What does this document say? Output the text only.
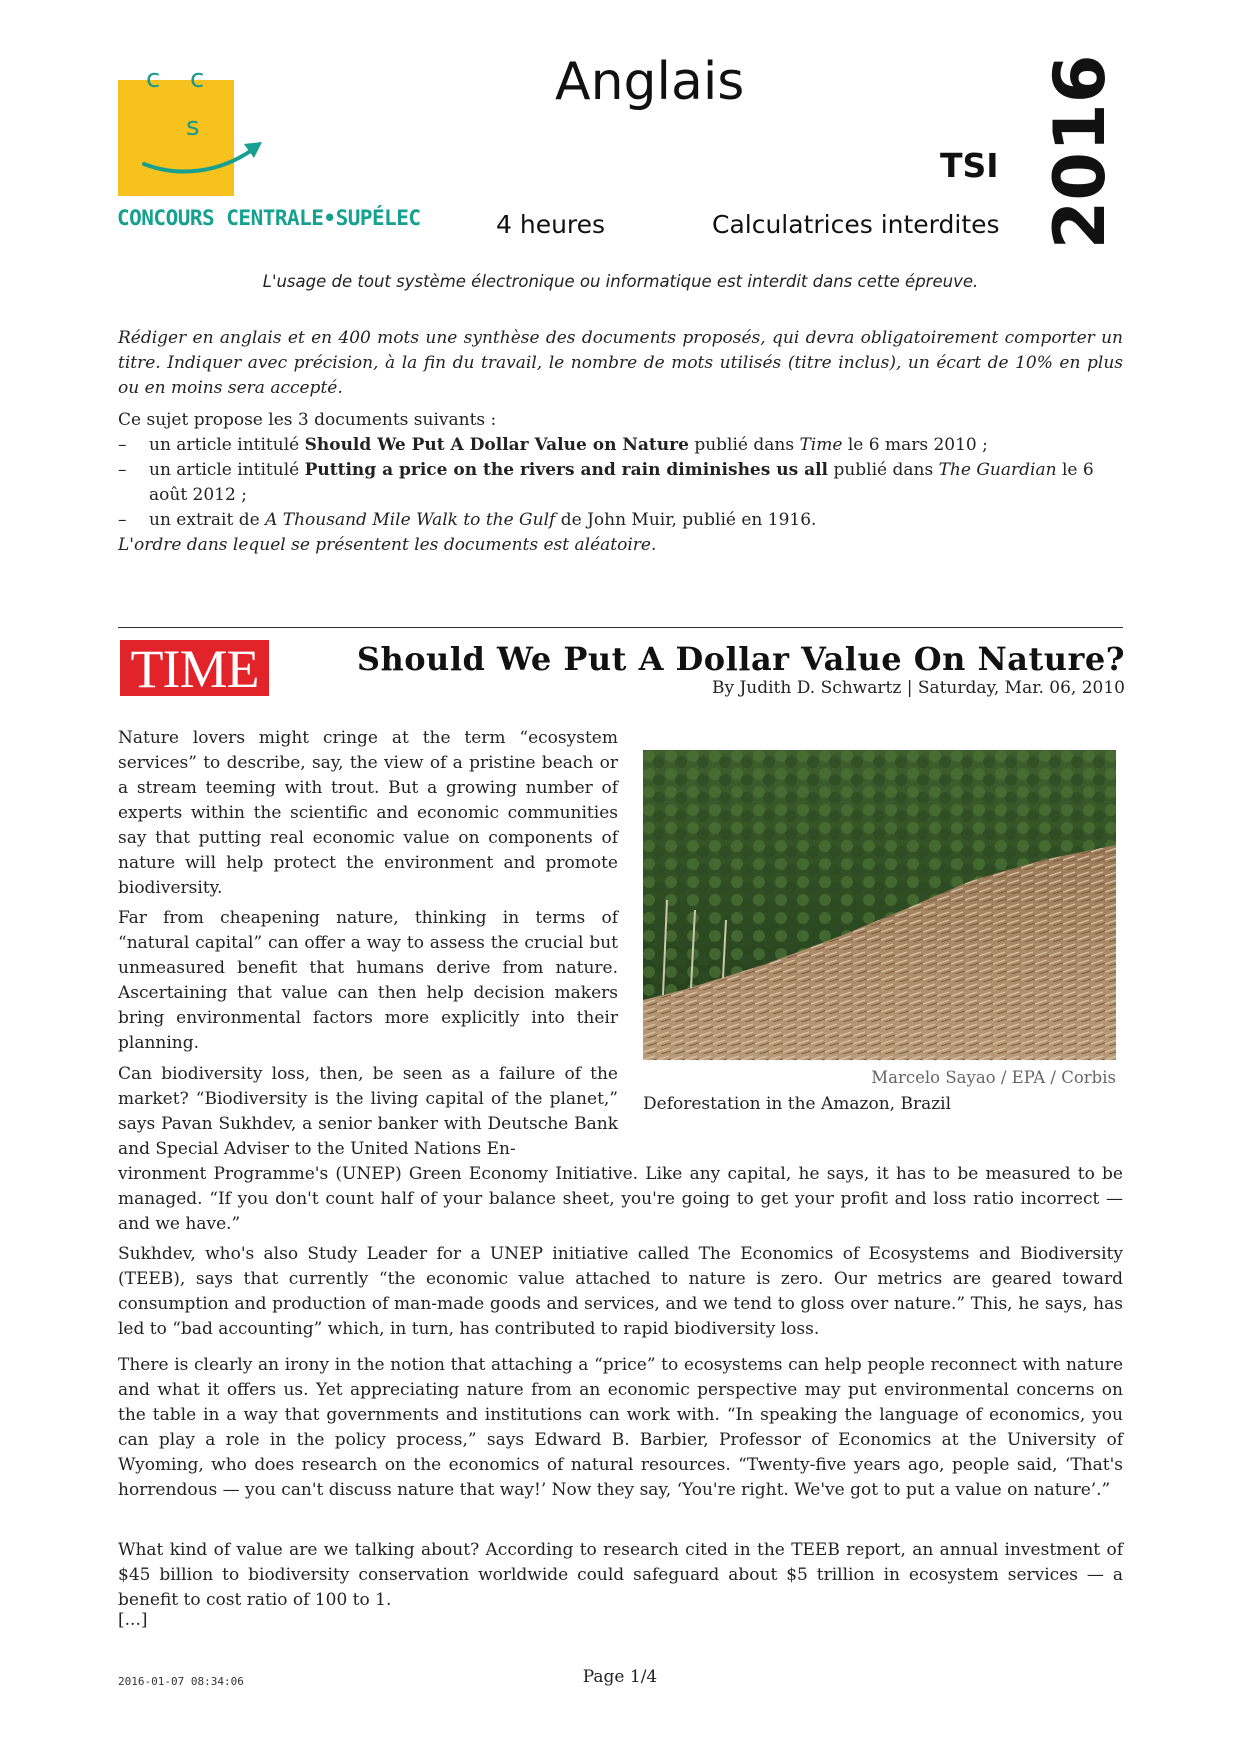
c c
s
CONCOURS CENTRALE•SUPÉLEC
Anglais
TSI
4 heures	Calculatrices interdites 2016
L'usage de tout système électronique ou informatique est interdit dans cette épreuve.
Rédiger en anglais et en 400 mots une synthèse des documents proposés, qui devra obligatoirement comporter un titre. Indiquer avec précision, à la fin du travail, le nombre de mots utilisés (titre inclus), un écart de 10% en plus ou en moins sera accepté.
Ce sujet propose les 3 documents suivants :
– un article intitulé Should We Put A Dollar Value on Nature publié dans Time le 6 mars 2010 ;
– un article intitulé Putting a price on the rivers and rain diminishes us all publié dans The Guardian le 6 août 2012 ;
– un extrait de A Thousand Mile Walk to the Gulf de John Muir, publié en 1916.
L'ordre dans lequel se présentent les documents est aléatoire.
TIME	Should We Put A Dollar Value On Nature?
By Judith D. Schwartz | Saturday, Mar. 06, 2010
Nature lovers might cringe at the term “ecosystem services” to describe, say, the view of a pristine beach or a stream teeming with trout. But a growing number of experts within the scientific and economic communities say that putting real economic value on components of nature will help protect the environment and promote biodiversity.
Far from cheapening nature, thinking in terms of “natural capital” can offer a way to assess the crucial but unmeasured benefit that humans derive from nature. Ascertaining that value can then help decision makers bring environmental factors more explicitly into their planning.
Can biodiversity loss, then, be seen as a failure of the market? “Biodiversity is the living capital of the planet,” says Pavan Sukhdev, a senior banker with Deutsche Bank and Special Adviser to the United Nations En-
vironment Programme's (UNEP) Green Economy Initiative. Like any capital, he says, it has to be measured to be managed. “If you don't count half of your balance sheet, you're going to get your profit and loss ratio incorrect — and we have.”
Sukhdev, who's also Study Leader for a UNEP initiative called The Economics of Ecosystems and Biodiversity (TEEB), says that currently “the economic value attached to nature is zero. Our metrics are geared toward consumption and production of man-made goods and services, and we tend to gloss over nature.” This, he says, has led to “bad accounting” which, in turn, has contributed to rapid biodiversity loss.
There is clearly an irony in the notion that attaching a “price” to ecosystems can help people reconnect with nature and what it offers us. Yet appreciating nature from an economic perspective may put environmental concerns on the table in a way that governments and institutions can work with. “In speaking the language of economics, you can play a role in the policy process,” says Edward B. Barbier, Professor of Economics at the University of Wyoming, who does research on the economics of natural resources. “Twenty-five years ago, people said, ‘That's horrendous — you can't discuss nature that way!’ Now they say, ‘You're right. We've got to put a value on nature’.”
What kind of value are we talking about? According to research cited in the TEEB report, an annual investment of $45 billion to biodiversity conservation worldwide could safeguard about $5 trillion in ecosystem services — a benefit to cost ratio of 100 to 1.
[...]
Marcelo Sayao / EPA / Corbis
Deforestation in the Amazon, Brazil
2016-01-07 08:34:06	Page 1/4
